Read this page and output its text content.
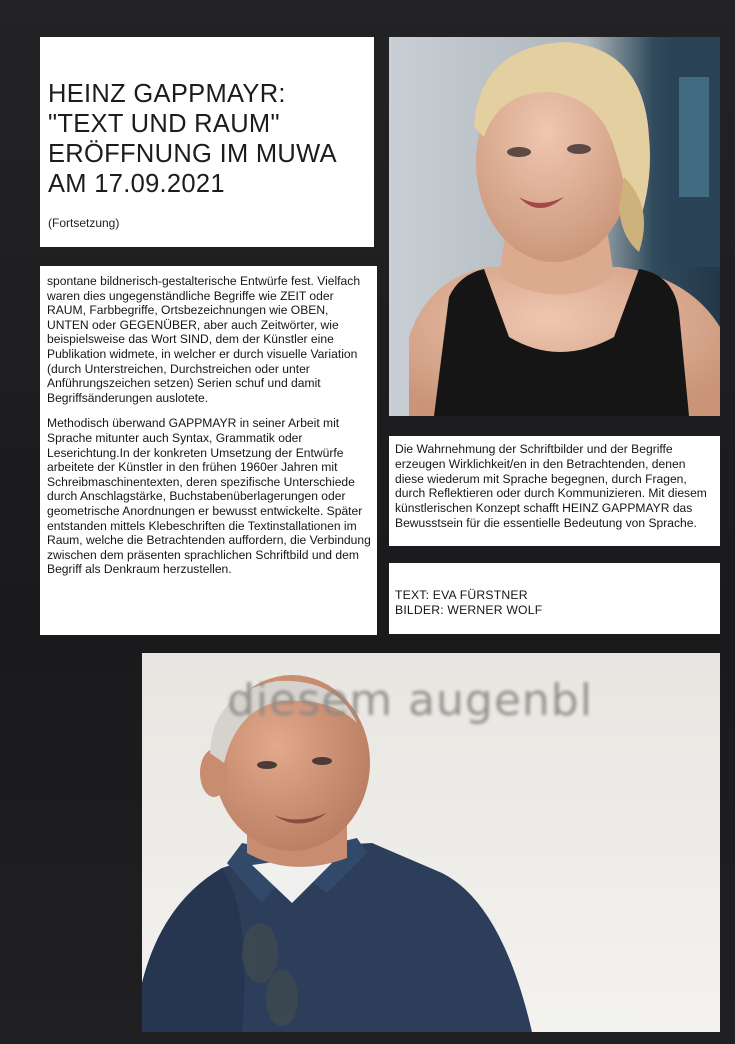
HEINZ GAPPMAYR:
"TEXT UND RAUM"
ERÖFFNUNG IM MUWA
AM 17.09.2021
(Fortsetzung)

spontane bildnerisch-gestalterische Entwürfe fest. Vielfach waren dies ungegenständliche Begriffe wie ZEIT oder RAUM, Farbbegriffe, Ortsbezeichnungen wie OBEN, UNTEN oder GEGENÜBER, aber auch Zeitwörter, wie beispielsweise das Wort SIND, dem der Künstler eine Publikation widmete, in welcher er durch visuelle Variation (durch Unterstreichen, Durchstreichen oder unter Anführungszeichen setzen) Serien schuf und damit Begriffsänderungen auslotete.

Methodisch überwand GAPPMAYR in seiner Arbeit mit Sprache mitunter auch Syntax, Grammatik oder Leserichtung.In der konkreten Umsetzung der Entwürfe arbeitete der Künstler in den frühen 1960er Jahren mit Schreibmaschinentexten, deren spezifische Unterschiede durch Anschlagstärke, Buchstabenüberlagerungen oder geometrische Anordnungen er bewusst entwickelte. Später entstanden mittels Klebeschriften die Textinstallationen im Raum, welche die Betrachtenden auffordern, die Verbindung zwischen dem präsenten sprachlichen Schriftbild und dem Begriff als Denkraum herzustellen.

Die Wahrnehmung der Schriftbilder und der Begriffe erzeugen Wirklichkeit/en in den Betrachtenden, denen diese wiederum mit Sprache begegnen, durch Fragen, durch Reflektieren oder durch Kommunizieren. Mit diesem künstlerischen Konzept schafft HEINZ GAPPMAYR das Bewusstsein für die essentielle Bedeutung von Sprache.

TEXT: EVA FÜRSTNER
BILDER: WERNER WOLF
diesem augenbl
